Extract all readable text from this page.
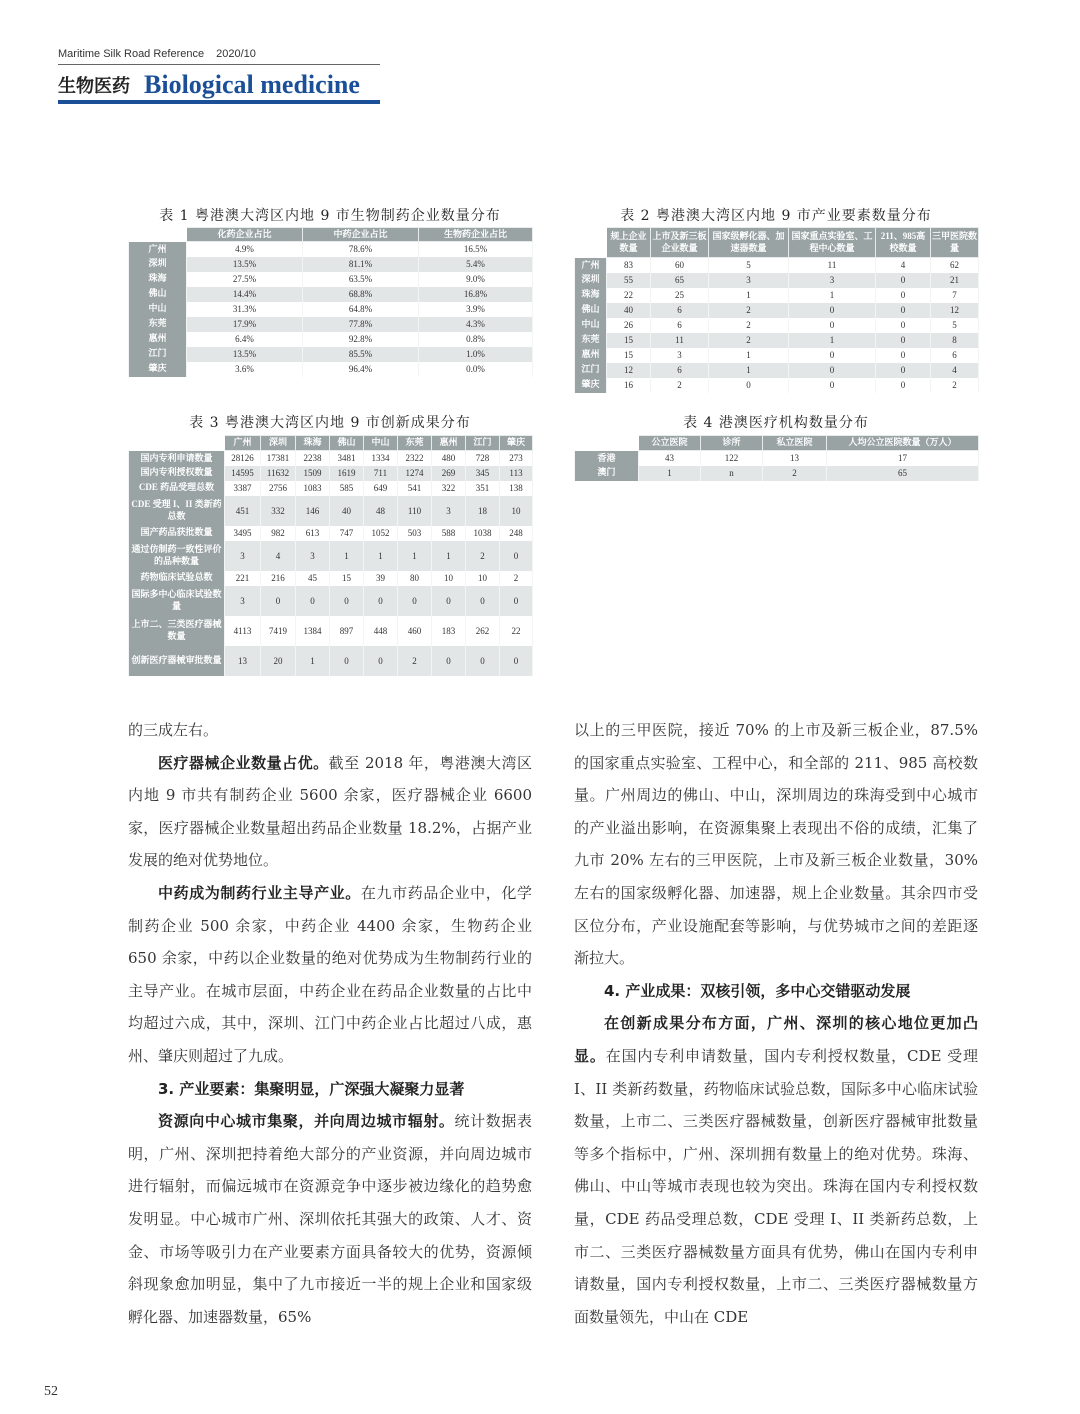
Maritime Silk Road Reference 2020/10
生物医药 Biological medicine
表 1 粤港澳大湾区内地 9 市生物制药企业数量分布
	化药企业占比	中药企业占比	生物药企业占比
广州	4.9%	78.6%	16.5%
深圳	13.5%	81.1%	5.4%
珠海	27.5%	63.5%	9.0%
佛山	14.4%	68.8%	16.8%
中山	31.3%	64.8%	3.9%
东莞	17.9%	77.8%	4.3%
惠州	6.4%	92.8%	0.8%
江门	13.5%	85.5%	1.0%
肇庆	3.6%	96.4%	0.0%
表 2 粤港澳大湾区内地 9 市产业要素数量分布
	规上企业数量	上市及新三板企业数量	国家级孵化器、加速器数量	国家重点实验室、工程中心数量	211、985高校数量	三甲医院数量
广州	83	60	5	11	4	62
深圳	55	65	3	3	0	21
珠海	22	25	1	1	0	7
佛山	40	6	2	0	0	12
中山	26	6	2	0	0	5
东莞	15	11	2	1	0	8
惠州	15	3	1	0	0	6
江门	12	6	1	0	0	4
肇庆	16	2	0	0	0	2
表 3 粤港澳大湾区内地 9 市创新成果分布
	广州	深圳	珠海	佛山	中山	东莞	惠州	江门	肇庆
国内专利申请数量	28126	17381	2238	3481	1334	2322	480	728	273
国内专利授权数量	14595	11632	1509	1619	711	1274	269	345	113
CDE 药品受理总数	3387	2756	1083	585	649	541	322	351	138
CDE 受理 I、II 类新药总数	451	332	146	40	48	110	3	18	10
国产药品获批数量	3495	982	613	747	1052	503	588	1038	248
通过仿制药一致性评价的品种数量	3	4	3	1	1	1	1	2	0
药物临床试验总数	221	216	45	15	39	80	10	10	2
国际多中心临床试验数量	3	0	0	0	0	0	0	0	0
上市二、三类医疗器械数量	4113	7419	1384	897	448	460	183	262	22
创新医疗器械审批数量	13	20	1	0	0	2	0	0	0
表 4 港澳医疗机构数量分布
	公立医院	诊所	私立医院	人均公立医院数量（万人）
香港	43	122	13	17
澳门	1	n	2	65

的三成左右。

医疗器械企业数量占优。截至 2018 年，粤港澳大湾区内地 9 市共有制药企业 5600 余家，医疗器械企业 6600 家，医疗器械企业数量超出药品企业数量 18.2%，占据产业发展的绝对优势地位。

中药成为制药行业主导产业。在九市药品企业中，化学制药企业 500 余家，中药企业 4400 余家，生物药企业 650 余家，中药以企业数量的绝对优势成为生物制药行业的主导产业。在城市层面，中药企业在药品企业数量的占比中均超过六成，其中，深圳、江门中药企业占比超过八成，惠州、肇庆则超过了九成。

3. 产业要素：集聚明显，广深强大凝聚力显著

资源向中心城市集聚，并向周边城市辐射。统计数据表明，广州、深圳把持着绝大部分的产业资源，并向周边城市进行辐射，而偏远城市在资源竞争中逐步被边缘化的趋势愈发明显。中心城市广州、深圳依托其强大的政策、人才、资金、市场等吸引力在产业要素方面具备较大的优势，资源倾斜现象愈加明显，集中了九市接近一半的规上企业和国家级孵化器、加速器数量，65%

以上的三甲医院，接近 70% 的上市及新三板企业，87.5% 的国家重点实验室、工程中心，和全部的 211、985 高校数量。广州周边的佛山、中山，深圳周边的珠海受到中心城市的产业溢出影响，在资源集聚上表现出不俗的成绩，汇集了九市 20% 左右的三甲医院，上市及新三板企业数量，30% 左右的国家级孵化器、加速器，规上企业数量。其余四市受区位分布，产业设施配套等影响，与优势城市之间的差距逐渐拉大。

4. 产业成果：双核引领，多中心交错驱动发展

在创新成果分布方面，广州、深圳的核心地位更加凸显。在国内专利申请数量，国内专利授权数量，CDE 受理 I、II 类新药数量，药物临床试验总数，国际多中心临床试验数量，上市二、三类医疗器械数量，创新医疗器械审批数量等多个指标中，广州、深圳拥有数量上的绝对优势。珠海、佛山、中山等城市表现也较为突出。珠海在国内专利授权数量，CDE 药品受理总数，CDE 受理 I、II 类新药总数，上市二、三类医疗器械数量方面具有优势，佛山在国内专利申请数量，国内专利授权数量，上市二、三类医疗器械数量方面数量领先，中山在 CDE

52
